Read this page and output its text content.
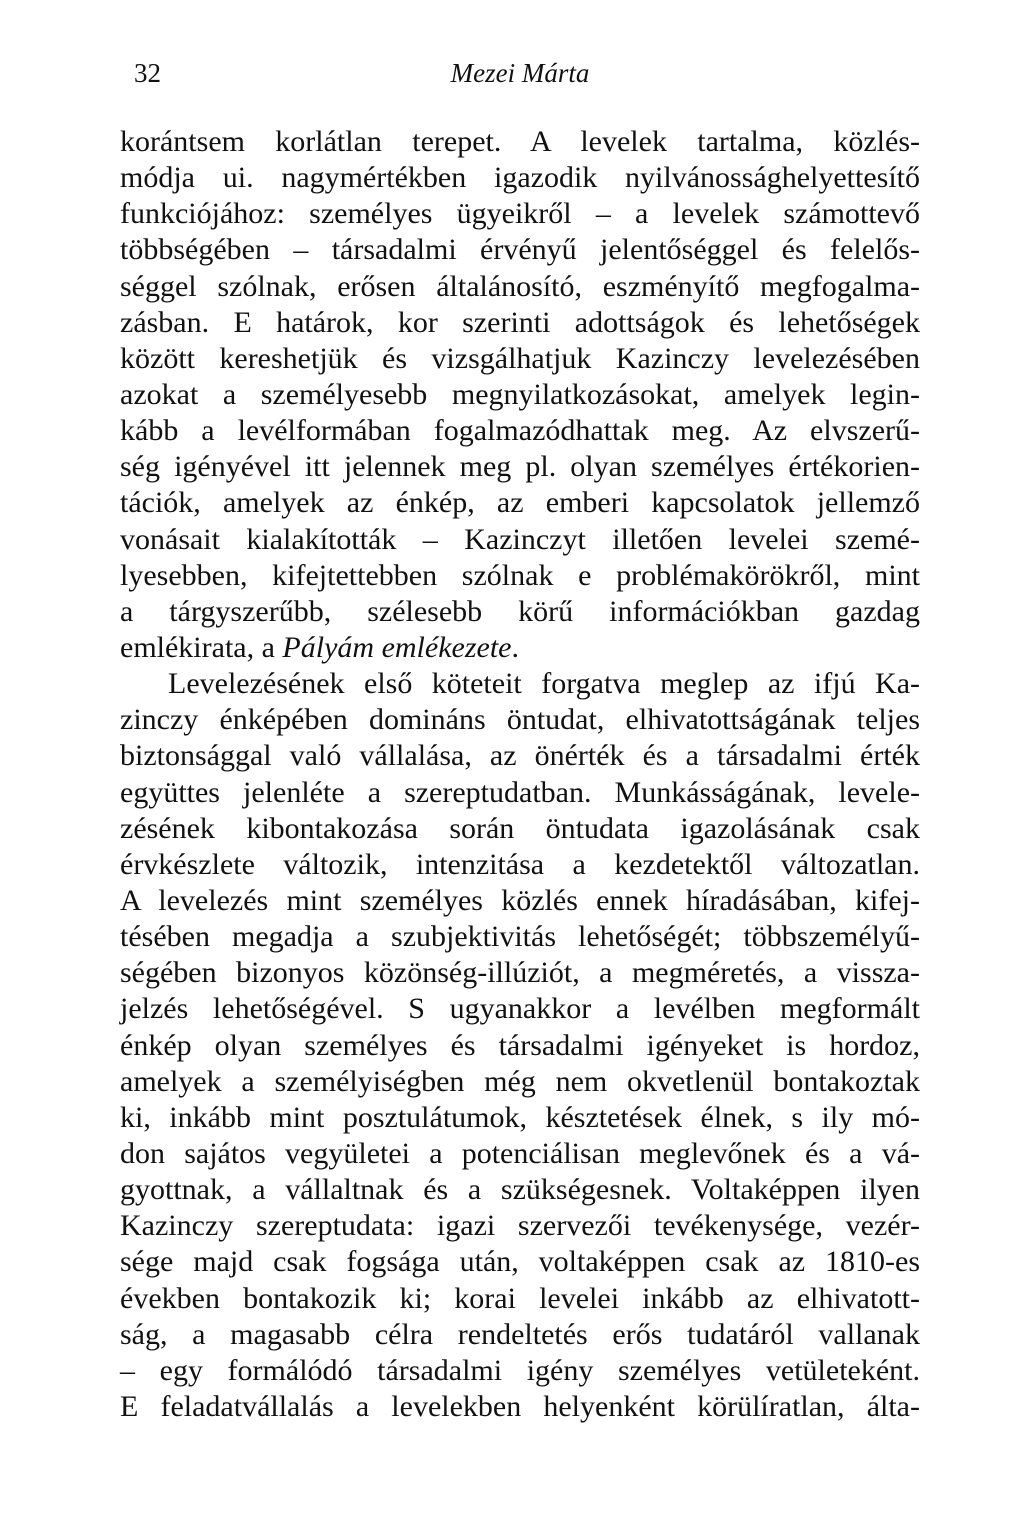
32	Mezei Márta
korántsem korlátlan terepet. A levelek tartalma, közlés-
módja ui. nagymértékben igazodik nyilvánossághelyettesítő
funkciójához: személyes ügyeikről – a levelek számottevő
többségében – társadalmi érvényű jelentőséggel és felelős-
séggel szólnak, erősen általánosító, eszményítő megfogalma-
zásban. E határok, kor szerinti adottságok és lehetőségek
között kereshetjük és vizsgálhatjuk Kazinczy levelezésében
azokat a személyesebb megnyilatkozásokat, amelyek legin-
kább a levélformában fogalmazódhattak meg. Az elvszerű-
ség igényével itt jelennek meg pl. olyan személyes értékorien-
tációk, amelyek az énkép, az emberi kapcsolatok jellemző
vonásait kialakították – Kazinczyt illetően levelei szemé-
lyesebben, kifejtettebben szólnak e problémakörökről, mint
a tárgyszerűbb, szélesebb körű információkban gazdag
emlékirata, a Pályám emlékezete.
Levelezésének első köteteit forgatva meglep az ifjú Ka-
zinczy énképében domináns öntudat, elhivatottságának teljes
biztonsággal való vállalása, az önérték és a társadalmi érték
együttes jelenléte a szereptudatban. Munkásságának, levele-
zésének kibontakozása során öntudata igazolásának csak
érvkészlete változik, intenzitása a kezdetektől változatlan.
A levelezés mint személyes közlés ennek híradásában, kifej-
tésében megadja a szubjektivitás lehetőségét; többszemélyű-
ségében bizonyos közönség-illúziót, a megméretés, a vissza-
jelzés lehetőségével. S ugyanakkor a levélben megformált
énkép olyan személyes és társadalmi igényeket is hordoz,
amelyek a személyiségben még nem okvetlenül bontakoztak
ki, inkább mint posztulátumok, késztetések élnek, s ily mó-
don sajátos vegyületei a potenciálisan meglevőnek és a vá-
gyottnak, a vállaltnak és a szükségesnek. Voltaképpen ilyen
Kazinczy szereptudata: igazi szervezői tevékenysége, vezér-
sége majd csak fogsága után, voltaképpen csak az 1810-es
években bontakozik ki; korai levelei inkább az elhivatott-
ság, a magasabb célra rendeltetés erős tudatáról vallanak
– egy formálódó társadalmi igény személyes vetületeként.
E feladatvállalás a levelekben helyenként körülíratlan, álta-
